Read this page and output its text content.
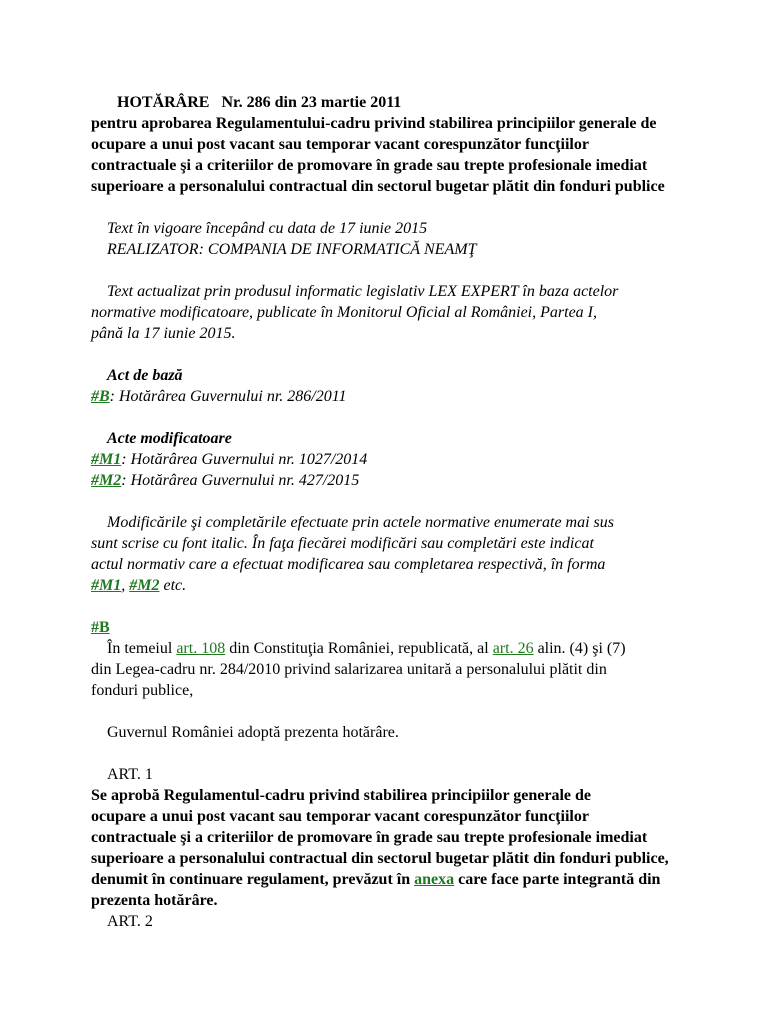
HOTĂRÂRE Nr. 286 din 23 martie 2011
pentru aprobarea Regulamentului-cadru privind stabilirea principiilor generale de
ocupare a unui post vacant sau temporar vacant corespunzător funcţiilor
contractuale şi a criteriilor de promovare în grade sau trepte profesionale imediat
superioare a personalului contractual din sectorul bugetar plătit din fonduri publice
Text în vigoare începând cu data de 17 iunie 2015
REALIZATOR: COMPANIA DE INFORMATICĂ NEAMŢ
Text actualizat prin produsul informatic legislativ LEX EXPERT în baza actelor
normative modificatoare, publicate în Monitorul Oficial al României, Partea I,
până la 17 iunie 2015.
Act de bază
#B: Hotărârea Guvernului nr. 286/2011
Acte modificatoare
#M1: Hotărârea Guvernului nr. 1027/2014
#M2: Hotărârea Guvernului nr. 427/2015
Modificările şi completările efectuate prin actele normative enumerate mai sus
sunt scrise cu font italic. În faţa fiecărei modificări sau completări este indicat
actul normativ care a efectuat modificarea sau completarea respectivă, în forma
#M1, #M2 etc.
#B
În temeiul art. 108 din Constituţia României, republicată, al art. 26 alin. (4) şi (7)
din Legea-cadru nr. 284/2010 privind salarizarea unitară a personalului plătit din
fonduri publice,
Guvernul României adoptă prezenta hotărâre.
ART. 1
Se aprobă Regulamentul-cadru privind stabilirea principiilor generale de
ocupare a unui post vacant sau temporar vacant corespunzător funcţiilor
contractuale şi a criteriilor de promovare în grade sau trepte profesionale imediat
superioare a personalului contractual din sectorul bugetar plătit din fonduri publice,
denumit în continuare regulament, prevăzut în anexa care face parte integrantă din
prezenta hotărâre.
ART. 2
